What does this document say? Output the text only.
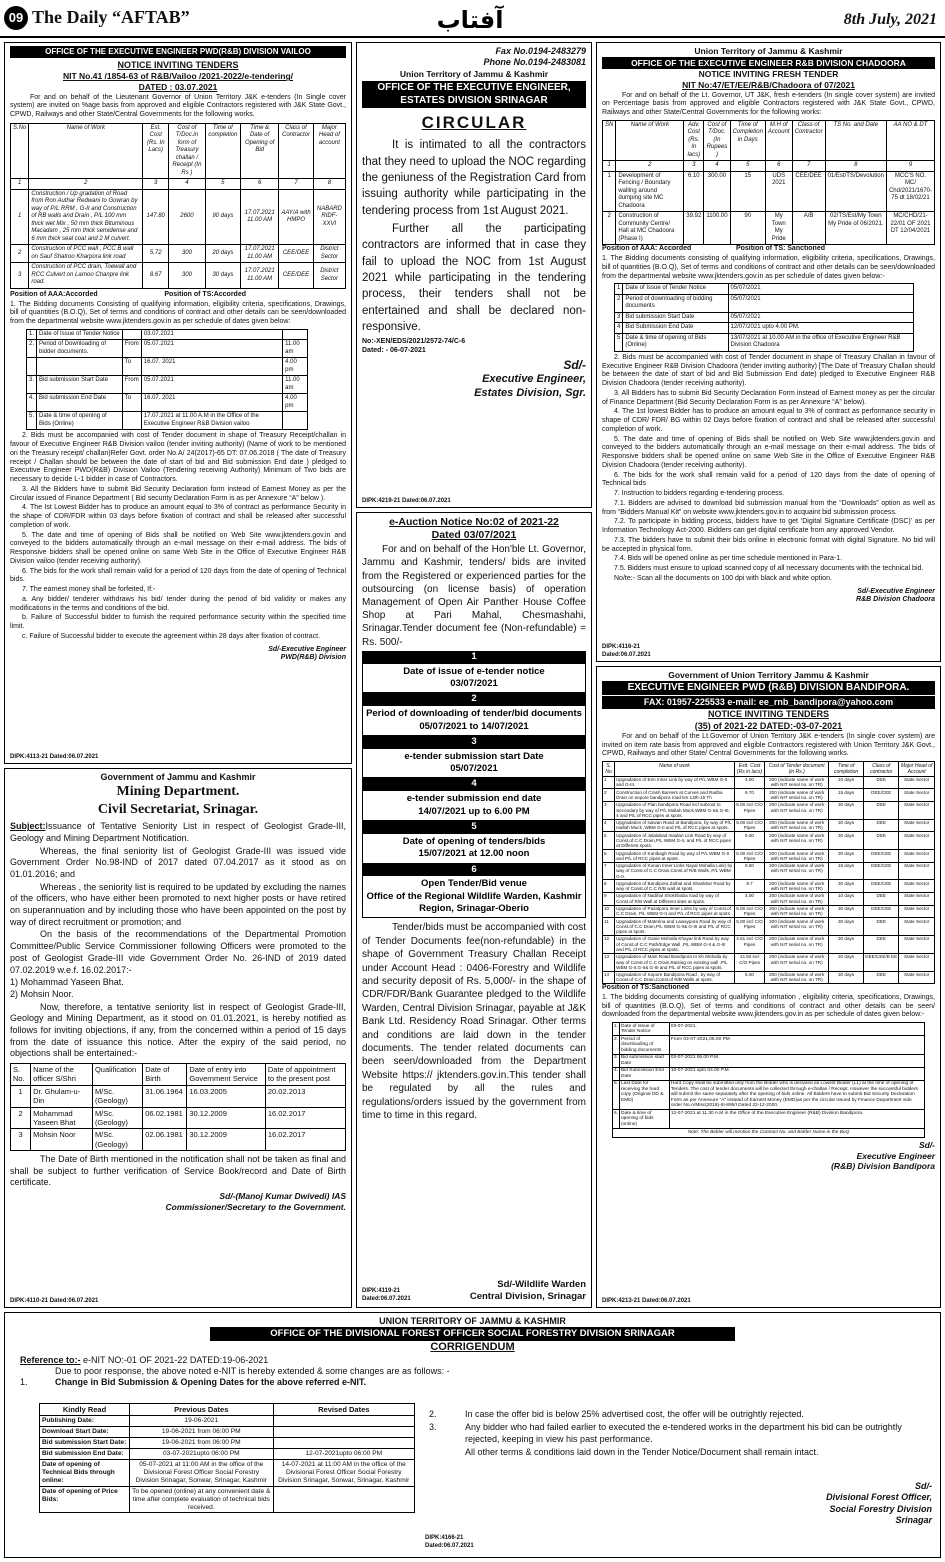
09 The Daily “AFTAB”	آفتاب	8th July, 2021
OFFICE OF THE EXECUTIVE ENGINEER PWD(R&B) DIVISION VAILOO
NOTICE INVITING TENDERS
NIT No.41 /1854-63 of R&B/Vailoo /2021-2022/e-tendering/
DATED : 03.07.2021

For and on behalf of the Lieutenant Governor of Union Territory J&K e-tenders (In Single cover system) are invited on %age basis from approved and eligible Contractors registered with J&K State Govt., CPWD, Railways and other State/Central Governments for the following works.

S.No	Name of Work	Est. Cost (Rs. In Lacs)	Cost of T/Doc.in form of Treasury challan / Receipt (In Rs )	Time of completion	Time & Date of Opening of Bid	Class of Contractor	Major Head of account
1	2	3	4	5	6	7	8
1	Construction / Up gradation of Road from Ron Authar Redwani to Gowran by way of P/L RRM , G-II and Construction of RB walls and Drain , P/L 100 mm thick wet Mix , 50 mm thick Bituminous Macadam , 25 mm thick semidense and 6 mm thick seal coat and 2 M culvert.	147.80	2600	90 days	17.07.2021 11.00 AM	AAY/A with HMPO	NABARD RIDF- XXVI
2	Construction of PCC wall , PCC B wall on Sauf Shatroo Kharpora link road	5.72	300	20 days	17.07.2021 11.00 AM	CEE/DEE	District Sector
3	Construction of PCC drain, Toewall and RCC Culvert on Larnoo Chanpre link road.	8.67	300	30 days	17.07.2021 11.00 AM	CEE/DEE	District Sector
Position of AAA:Accorded	Position of TS:Accorded

1. The Bidding documents Consisting of qualifying information, eligibility criteria, specifications, Drawings, bill of quantities (B.O.Q), Set of terms and conditions of contract and other details can be seen/downloaded from the departmental website www.jktenders.gov.in as per schedule of dates given below:

1.	Date of Issue of Tender Notice		03.07.2021	
2.	Period of Downloading of bidder documents.	From	05.07.2021	11.00 am
		To	16.07. 2021	4.00 pm
3.	Bid submission Start Date	From	05.07.2021	11.00 am
4.	Bid submission End Date	To	16.07. 2021	4.00 pm
5.	Date & time of opening of Bids (Online)		17.07.2021 at 11.00 A.M in the Office of the Executive Engineer R&B Division vailoo	

2. Bids must be accompanied with cost of Tender document in shape of Treasury Receipt/challan in favour of Executive Engineer R&B Division vailoo (tender inviting authority) (Name of work to be mentioned on the Treasury receipt/ challan)Refer Govt. order No.A/ 24(2017)-65 DT: 07.06.2018 ( The date of Treasury receipt / Challan should be between the date of start of bid and Bid submission End date ) pledged to Executive Engineer PWD(R&B) Division Vailoo (Tendering receiving Authority) Minimum of Two bids are necessary to decide L-1 bidder in case of Contractors.

3. All the Bidders have to submit Bid Security Declaration form instead of Earnest Money as per the Circular issued of Finance Department ( Bid security Declaration Form is as per Annexure “A” below ).

4. The Ist Lowest Bidder has to produce an amount equal to 3% of contract as performance Security in the shape of CDR/FDR within 03 days before fixation of contract and shall be released after successful completion of work.

5. The date and time of opening of Bids shall be notified on Web Site www.jktenders.gov.in and conveyed to the bidders automatically through an e-mail message on their e-mail address. The bids of Responsive bidders shall be opened online on same Web Site in the Office of Executive Engineer R&B Division vailoo (tender receiving authority).

6. The bids for the work shall remain valid for a period of 120 days from the date of opening of Technical bids.

7. The earnest money shall be forfeited, If:-

a. Any bidder/ tenderer withdraws his bid/ tender during the period of bid validity or makes any modifications in the terms and conditions of the bid.

b. Failure of Successful bidder to furnish the required performance security within the specified time limit.

c. Failure of Successful bidder to execute the agreement within 28 days after fixation of contract.

Sd/-Executive Engineer
PWD(R&B) Division
DIPK:4113-21 Dated:06.07.2021
Fax No.0194-2483279
Phone No.0194-2483081
Union Territory of Jammu & Kashmir
OFFICE OF THE EXECUTIVE ENGINEER,
ESTATES DIVISION SRINAGAR
CIRCULAR

It is intimated to all the contractors that they need to upload the NOC regarding the geniuness of the Registration Card from issuing authority while participating in the tendering process from 1st August 2021.

Further all the participating contractors are informed that in case they fail to upload the NOC from 1st August 2021 while participating in the tendering process, their tenders shall not be entertained and shall be declared non-responsive.

No:-XEN/EDS/2021/2572-74/C-6
Dated: - 06-07-2021
Sd/-
Executive Engineer,
Estates Division, Sgr.
DIPK:4219-21 Dated:06.07.2021
Union Territory of Jammu & Kashmir
OFFICE OF THE EXECUTIVE ENGINEER R&B DIVISION CHADOORA
NOTICE INVITING FRESH TENDER
NIT No:47/ET/EE/R&B/Chadoora of 07/2021

For and on behalf of the Lt. Governor, UT J&K, fresh e-tenders (In single cover system) are invited on Percentage basis from approved and eligible Contractors registered with J&K State Govt., CPWD, Railways and other State/Central Governments for the following works:

SN	Name of Work	Adv. Cost (Rs. in lacs)	Cost of T/Doc. (In Rupees )	Time of Completion in Days	M.H of Account	Class of Contractor	TS No. and Date	AA NO & DT
1	2	3	4	5	6	7	8	9
1	Development of Fencing / Boundary walling around dumping site MC Chadoora	6.10	300.00	15	UDS 2021	CEE/DEE	01/Est/TS/Devolution	MCC'S NO. MC/ Chd/2021/1670-75 dt 18/02/21
2	Construction of Community Centre/ Hall at MC Chadoora (Phase I)	39.92	1100.00	90	My Town My Pride	A/B	02/TS/Est/My Town My Pride of 06/2021.	MC/CHD/21-22/01 OF 2021 DT 12/04/2021
Position of AAA: Accorded	Position of TS: Sanctioned

1. The Bidding documents consisting of qualifying information, eligibility criteria, specifications, Drawings, bill of quantities (B.O.Q), Set of terms and conditions of contract and other details can be seen/downloaded from the departmental website www.jktenders.gov.in as per schedule of dates given below:-

1	Date of Issue of Tender Notice	05/07/2021
2	Period of downloading of bidding documents	05/07/2021
3	Bid submission Start Date	05/07/2021
4	Bid Submission End Date	12/07/2021 upto 4.00 PM.
5	Date & time of opening of Bids (Online)	13/07/2021 at 10.00 AM in the office of Executive Engineer R&B Division Chadoora

2. Bids must be accompanied with cost of Tender document in shape of Treasury Challan in favour of Executive Engineer R&B Division Chadoora (tender inviting authority) [The Date of Treasury Challan should be between the date of start of bid and Bid Submission End date) pledged to Executive Engineer R&B Division Chadoora (tender receiving authority).

3. All Bidders has to submit Bid Security Declaration Form instead of Earnest money as per the circular of Finance Department (Bid Security Declaration Form is as per Annexure “A” below).

4. The 1st lowest Bidder has to produce an amount equal to 3% of contract as performance security in shape of CDR/ FDR/ BG within 02 Days before fixation of contract and shall be released after successful completion of work.

5. The date and time of opening of Bids shall be notified on Web Site www.jktenders.gov.in and conveyed to the bidders automatically through an e-mail message on their e-mail address. The bids of Responsive bidders shall be opened online on same Web Site in the Office of Executive Engineer R&B Division Chadoora (tender receiving authority).

6. The bids for the work shall remain valid for a period of 120 days from the date of opening of Technical bids

7. Instruction to bidders regarding e-tendering process.

7.1. Bidders are advised to download bid submission manual from the “Downloads” option as well as from “Bidders Manual Kit” on website www.jktenders.gov.in to acquaint bid submission process.

7.2. To participate in bidding process, bidders have to get ‘Digital Signature Certificate (DSC)’ as per Information Technology Act-2000. Bidders can get digital certificate from any approved Vendor.

7.3. The bidders have to submit their bids online in electronic format with digital Signature. No bid will be accepted in physical form.

7.4. Bids will be opened online as per time schedule mentioned in Para-1.

7.5. Bidders must ensure to upload scanned copy of all necessary documents with the technical bid.

No/te:- Scan all the documents on 100 dpi with black and white option.

Sd/-Executive Engineer
R&B Division Chadoora
DIPK:4116-21
Dated:06.07.2021
Government of Jammu and Kashmir
Mining Department.
Civil Secretariat, Srinagar.

Subject:Issuance of Tentative Seniority List in respect of Geologist Grade-III, Geology and Mining Department Notification.

Whereas, the final seniority list of Geologist Grade-III was issued vide Government Order No.98-IND of 2017 dated 07.04.2017 as it stood as on 01.01.2016; and

Whereas , the seniority list is required to be updated by excluding the names of the officers, who have either been promoted to next higher posts or have retired on superannuation and by including those who have been appointed on the post by way of direct recruitment or promotion; and

On the basis of the recommendations of the Departmental Promotion Committee/Public Service Commissioner following Officers were promoted to the post of Geologist Grade-III vide Government Order No. 26-IND of 2019 dated 07.02.2019 w.e.f. 16.02.2017:-

1) Mohammad Yaseen Bhat.
2) Mohsin Noor.

Now, therefore, a tentative seniority list in respect of Geologist Grade-III, Geology and Mining Department, as it stood on 01.01.2021, is hereby notified as follows for inviting objections, if any, from the concerned within a period of 15 days from the date of issuance this notice. After the expiry of the said period, no objections shall be entertained:-

S. No.	Name of the officer S/Shri	Qualification	Date of Birth	Date of entry into Government Service	Date of appointment to the present post
1	Dr. Ghulam-u-Din	M/Sc.(Geology)	31.06.1964	16.03.2005	20.02.2013
2	Mohammad Yaseen Bhat	M/Sc.(Geology)	06.02.1981	30.12.2009	16.02.2017
3	Mohsin Noor	M/Sc.(Geology)	02.06.1981	30.12.2009	16.02.2017

The Date of Birth mentioned in the notification shall not be taken as final and shall be subject to further verification of Service Book/record and Date of Birth certificate.

Sd/-(Manoj Kumar Dwivedi) IAS
Commissioner/Secretary to the Government.
DIPK:4110-21 Dated:06.07.2021
e-Auction Notice No:02 of 2021-22
Dated 03/07/2021

For and on behalf of the Hon'ble Lt. Governor, Jammu and Kashmir, tenders/ bids are invited from the Registered or experienced parties for the outsourcing (on license basis) of operation Management of Open Air Panther House Coffee Shop at Pari Mahal, Chesmashahi, Srinagar.Tender document fee (Non-refundable) = Rs. 500/-

1
Date of issue of e-tender notice
03/07/2021
2
Period of downloading of tender/bid documents
05/07/2021 to 14/07/2021
3
e-tender submission start Date
05/07/2021
4
e-tender submission end date
14/07/2021 up to 6.00 PM
5
Date of opening of tenders/bids
15/07/2021 at 12.00 noon
6
Open Tender/Bid venue
Office of the Regional Wildlife Warden, Kashmir Region, Srinagar-Oberio

Tender/bids must be accompanied with cost of Tender Documents fee(non-refundable) in the shape of Government Treasury Challan Receipt under Account Head : 0406-Forestry and Wildlife and security deposit of Rs. 5,000/- in the shape of CDR/FDR/Bank Guarantee pledged to the Wildlife Warden, Central Division Srinagar, payable at J&K Bank Ltd. Residency Road Srinagar. Other terms and conditions are laid down in the tender documents. The tender related documents can been seen/downloaded from the Department Website https:// jktenders.gov.in.This tender shall be regulated by all the rules and regulations/orders issued by the government from time to time in this regard.

DIPK:4119-21
Dated:06.07.2021
Sd/-Wildlife Warden
Central Division, Srinagar
Government of Union Territory Jammu & Kashmir
EXECUTIVE ENGINEER PWD (R&B) DIVISION BANDIPORA.
FAX: 01957-225533 e-mail: ee_rnb_bandipora@yahoo.com
NOTICE INVITING TENDERS
(35) of 2021-22 DATED:-03-07-2021

For and on behalf of the Lt.Governor of Union Territory J&K e-tenders (In single cover system) are invited on item rate basis from approved and eligible Contractors registered with Union Territory J&K Govt., CPWD, Railways and other State/ Central Governments for the following works.

S. No	Name of work	Estt. Cost (Rs in lacs)	Cost of Tender document (in Rs.)	Time of completion	Class of contractor	Major Head of Account
1	Upgradation of Erin Inner Link by way of P/L WBM G-II and G-III.	4.00	200 (indicate name of work with NIT serial no. on TR)	10 days	DEE	State Sector
2	Construction of Crash Barriers at Curves and Radha Drain on sopore bandipora road km 14th-15 Th	9.70	200 (indicate name of work with NIT serial no. on TR)	15 days	DEE/CEE	State Sector
3	Upgradation of Plan bandipora Road incl subroot to Secondary by way of P/L Mallah Muck,WBM G-II& G-III, 4 and P/L of RCC pipes at spots.	5.00 incl C/O Pipes	200 (indicate name of work with NIT serial no. on TR)	30 days	DEE	State Sector
4	Upgradation of saiwan Road at Bandipora, by way of P/L mallah Muck ,WBM G-II and P/L of RCC pipes at spots.	5.00 incl C/O Pipes	200 (indicate name of work with NIT serial no. on TR)	30 days	DEE	State Sector
5	Upgradation of Jalalabad maidan Link Road by way of Const.of C.C Drain,P/L WBM G-II, and P/L of RCC pipes at Different spots.	5.00	200 (indicate name of work with NIT serial no. on TR)	30 days	DEE	State Sector
6	Upgradation of Kanibagh Road by way of P/L WBM G-II and P/L of RCC pipes at spots.	5.00 incl C/O Pipes	200 (indicate name of work with NIT serial no. on TR)	30 days	DEE/CEE	State Sector
7	Upgradation of Kunan Inner Links Nayal Mohalla Link) by way of Const.of C.C Drain,Const.of R/B Walls ,P/L WBM G-II.	8.50	200 (indicate name of work with NIT serial no. on TR)	15 days	DEE/CEE	State Sector
8	Upgradation of Bandipora Zalbal and Shankbar Road by way of Const.of C.C R/B wall at spots.	8.7	200 (indicate name of work with NIT serial no. on TR)	30 days	DEE/CEE	State Sector
9	Upgradation of Nadihal Shokhbaba road by way of Const.of R/B Wall at Different sites at spots.	4.00	200 (indicate name of work with NIT serial no. on TR)	10 days	DEE	State Sector
10	Upgradation of Pazalpora Inner Links by way of Const.of C.C Drain, P/L WBM G-II and P/L of RCC pipes at spots.	5.00 incl C/O Pipes	200 (indicate name of work with NIT serial no. on TR)	30 days	DEE/CEE	State Sector
11	Upgradation of Materina and Lawaypora Road by way of Const.of C.C Drain,P/L WBM G-II& G-III and P/L of RCC pipes at spots.	5.00 incl C/O Pipes	200 (indicate name of work with NIT serial no. on TR)	30 days	DEE	State Sector
12	Upgradation of Ganie Mohalla Khayar link Road by way of Const.of C.C Path/Edge Wall ,P/L WBM G-II & G-III and P/L of RCC pipes at spots.	4.81 incl C/O Pipes	200 (indicate name of work with NIT serial no. on TR)	30 days	DEE	State Sector
13	Upgradation of Main Road Bandipora to Kh Mohalla by way of Const.of C.C Drain,Raising on existing wall ,P/L WBM G-II,G-II& G-III and P/L of RCC pipes at spots.	14.93 incl C/O Pipes	200 (indicate name of work with NIT serial no. on TR)	20 days	DEE/CEE/B EE	State Sector
14	Upgradation of Sopore Bandipora Road , by way of Const.of C.C Drain,Const.of R/B Walls at spots.	5.00	200 (indicate name of work with NIT serial no. on TR)	30 days	DEE	State Sector
Position of TS:Sanctioned

1. The bidding documents consisting of qualifying information , eligibility criteria, specifications, Drawings, bill of quantities (B.O.Q), Set of terms and conditions of contract and other details can be seen/ downloaded from the departmental website www.jktenders.gov.in as per schedule of dates given below:-

1.	Date of Issue of Tender Notice	03-07-2021.
2.	Period of downloading of bidding documents	From 03-07-2021,06.00 PM
3.	Bid submission start Date	03-07-2021 06.00 P.M.
4.	Bid Submission End Date	10-07-2021 upto 04.00 P.M.
5.	Last Date for receiving the hard copy (Original DD & EMD)	Hard Copy shall be submitted only from the Bidder who is declared as Lowest Bidder (L1) at the time of opening of Tenders. The cost of tender documents will be collected through e-challan / Receipt. However the successful bidders will submit the same separately after the opening of bids online. All Bidders have to submit Bid Security Declaration Form as per Annexure “A” instead of Earnest Money (EMD)as per the circular issued by Finance Department vide order No.A/Misc(2018)-III-895/I Dated 22-12-2020.
6.	Date & time of opening of bids (online)	12-07-2021 at 11.30 A.M in the Office of the Executive Engineer (R&B) Division Bandipora.
Note: The Bidder will mention the Contract No. and Bidder Name in the BoQ		
Sd/-
Executive Engineer
(R&B) Division Bandipora
DIPK:4213-21 Dated:06.07.2021
UNION TERRITORY OF JAMMU & KASHMIR
OFFICE OF THE DIVISIONAL FOREST OFFICER SOCIAL FORESTRY DIVISION SRINAGAR
CORRIGENDUM
Reference to:- e-NIT NO:-01 OF 2021-22 DATED:19-06-2021
Due to poor response, the above noted e-NIT is hereby extended & some changes are as follows: -
1.	Change in Bid Submission & Opening Dates for the above referred e-NIT.
Kindly Read	Previous Dates	Revised Dates
Publishing Date:	19-06-2021	
Download Start Date:	19-06-2021 from 06:00 PM	
Bid submission Start Date:	19-06-2021 from 06:00 PM	
Bid submission End Date:	03-07-2021upto 06:00 PM	12-07-2021upto 06:00 PM
Date of opening of Technical Bids through online:	05-07-2021 at 11:00 AM in the office of the Divisional Forest Officer Social Forestry Division Srinagar, Sonwar, Srinagar, Kashmir	14-07-2021 at 11:00 AM in the office of the Divisional Forest Officer Social Forestry Division Srinagar, Sonwar, Srinagar, Kashmir
Date of opening of Price Bids:	To be opened (online) at any convenient date & time after complete evaluation of technical bids received.	
2.	In case the offer bid is below 25% advertised cost, the offer will be outrightly rejected.
3.	Any bidder who had failed earlier to executed the e-tendered works in the department his bid can be outrightly rejected, keeping in view his past performance.
All other terms & conditions laid down in the Tender Notice/Document shall remain intact.
Sd/-
Divisional Forest Officer,
Social Forestry Division
Srinagar
DIPK:4166-21
Dated:06.07.2021
